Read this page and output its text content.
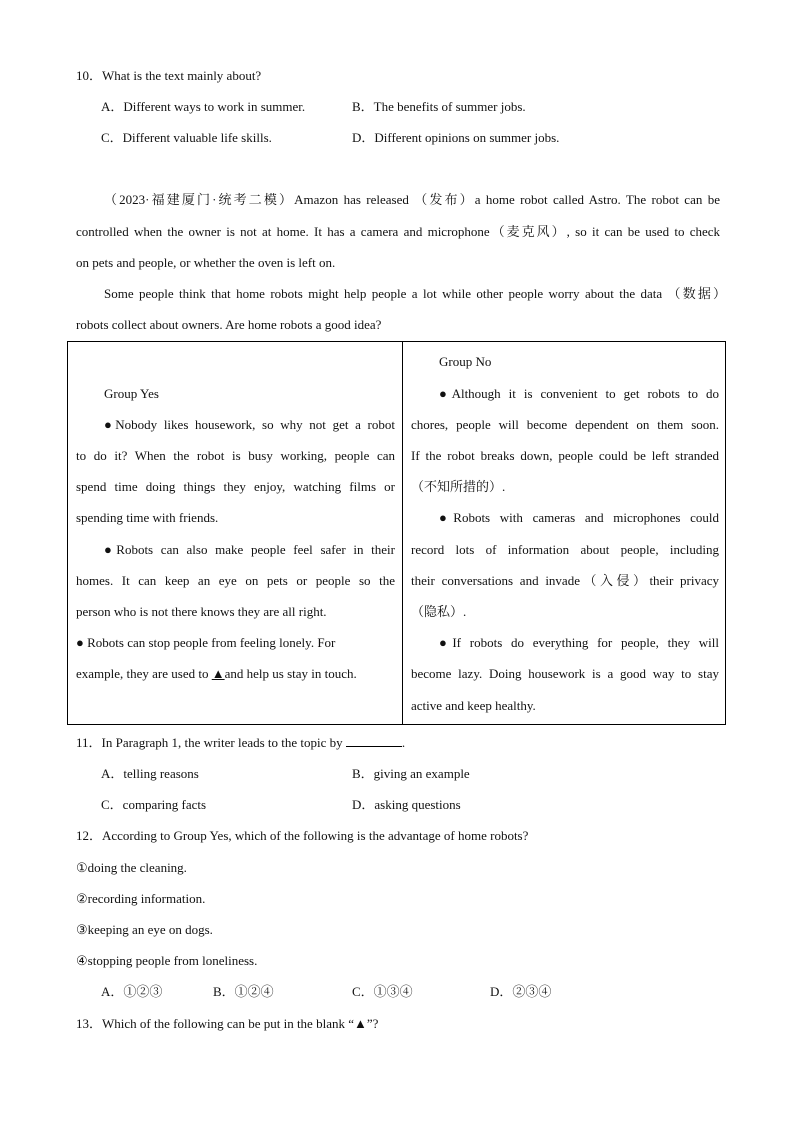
10．What is the text mainly about?
A．Different ways to work in summer.	B．The benefits of summer jobs.
C．Different valuable life skills.	D．Different opinions on summer jobs.
（2023·福建厦门·统考二模）Amazon has released （发布）a home robot called Astro. The robot can be
controlled when the owner is not at home. It has a camera and microphone（麦克风）, so it can be used to check
on pets and people, or whether the oven is left on.
Some people think that home robots might help people a lot while other people worry about the data （数据）
robots collect about owners. Are home robots a good idea?
Group Yes
●Nobody likes housework, so why not get a robot
to do it? When the robot is busy working, people can
spend time doing things they enjoy, watching films or
spending time with friends.
●Robots can also make people feel safer in their
homes. It can keep an eye on pets or people so the
person who is not there knows they are all right.
● Robots can stop people from feeling lonely. For
example, they are used to ▲and help us stay in touch.
Group No
●Although it is convenient to get robots to do
chores, people will become dependent on them soon.
If the robot breaks down, people could be left stranded
（不知所措的）.
●Robots with cameras and microphones could
record lots of information about people, including
their conversations and invade（入侵）their privacy
（隐私）.
●If robots do everything for people, they will
become lazy. Doing housework is a good way to stay
active and keep healthy.
11．In Paragraph 1, the writer leads to the topic by	.
A．telling reasons	B．giving an example
C．comparing facts	D．asking questions
12．According to Group Yes, which of the following is the advantage of home robots?
①doing the cleaning.
②recording information.
③keeping an eye on dogs.
④stopping people from loneliness.
A．①②③	B．①②④	C．①③④	D．②③④
13．Which of the following can be put in the blank “▲”?
